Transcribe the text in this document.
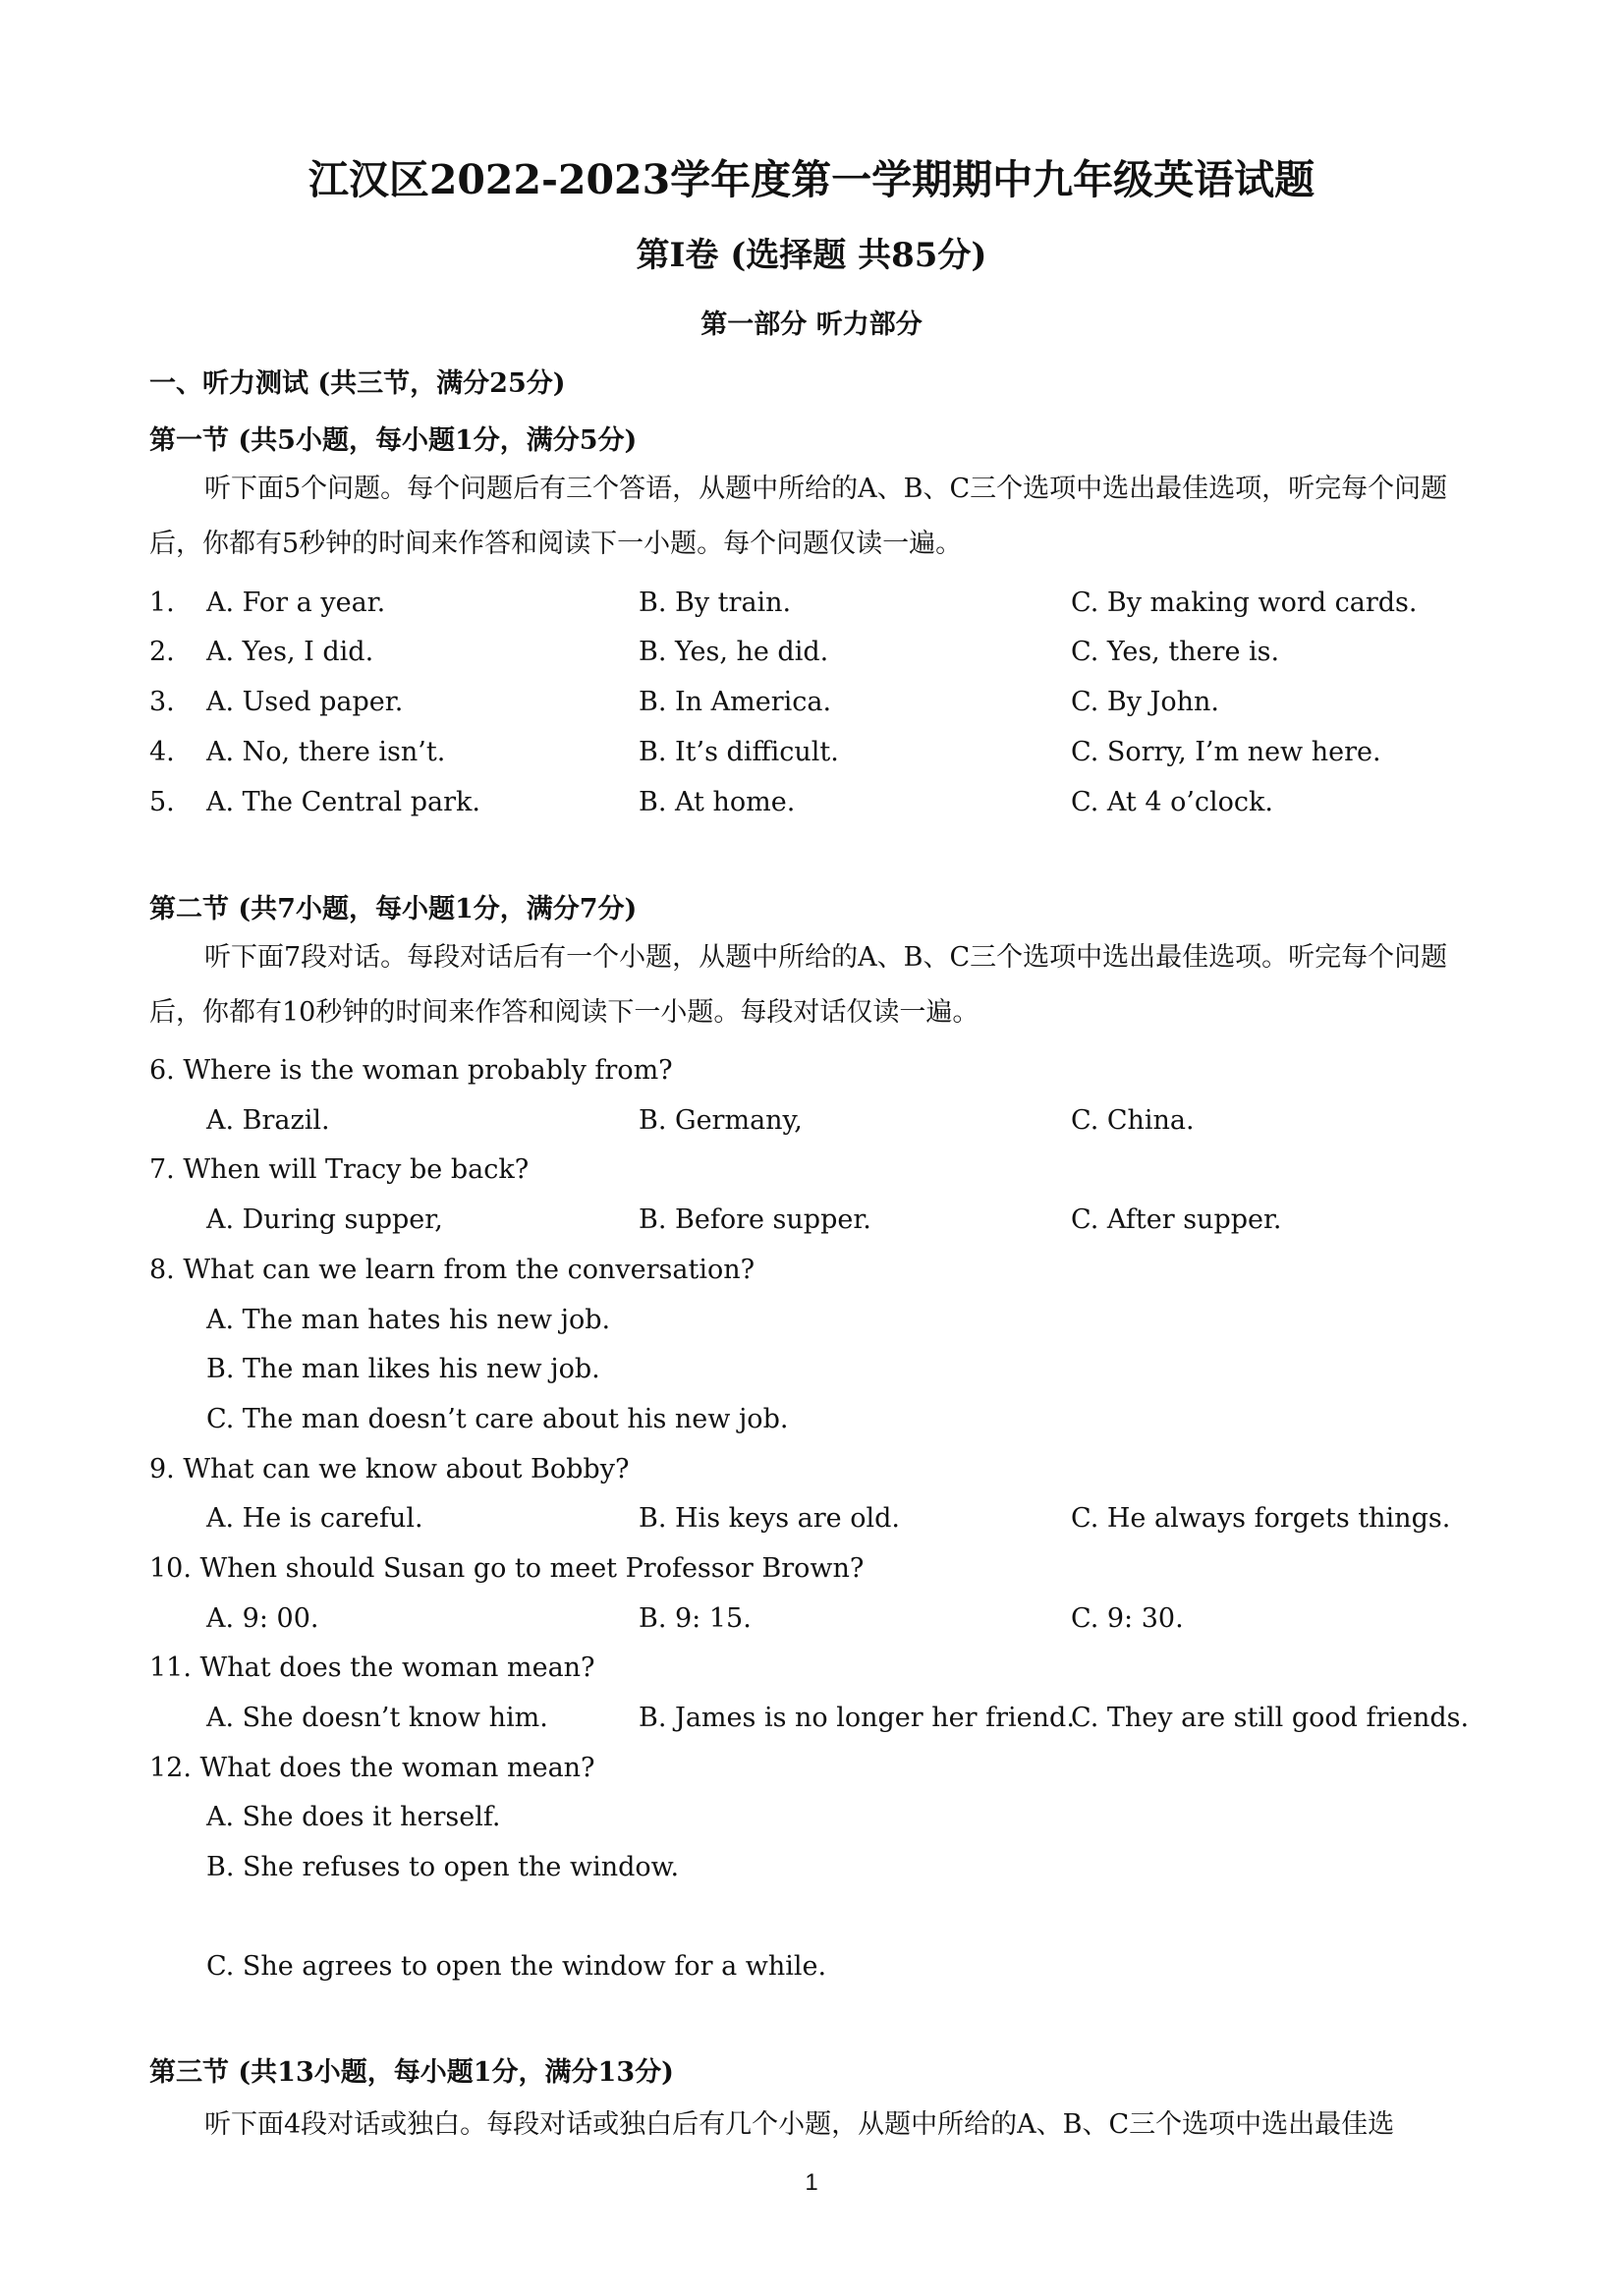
江汉区2022-2023学年度第一学期期中九年级英语试题
第I卷 (选择题 共85分)
第一部分 听力部分
一、听力测试 (共三节，满分25分)
第一节 (共5小题，每小题1分，满分5分)
听下面5个问题。每个问题后有三个答语，从题中所给的A、B、C三个选项中选出最佳选项，听完每个问题后，你都有5秒钟的时间来作答和阅读下一小题。每个问题仅读一遍。
1. A. For a year.	B. By train.	C. By making word cards.
2. A. Yes, I did.	B. Yes, he did.	C. Yes, there is.
3. A. Used paper.	B. In America.	C. By John.
4. A. No, there isn’t.	B. It’s difficult.	C. Sorry, I’m new here.
5. A. The Central park.	B. At home.	C. At 4 o’clock.
第二节 (共7小题，每小题1分，满分7分)
听下面7段对话。每段对话后有一个小题，从题中所给的A、B、C三个选项中选出最佳选项。听完每个问题后，你都有10秒钟的时间来作答和阅读下一小题。每段对话仅读一遍。
6. Where is the woman probably from?
A. Brazil.	B. Germany,	C. China.
7. When will Tracy be back?
A. During supper,	B. Before supper.	C. After supper.
8. What can we learn from the conversation?
A. The man hates his new job.
B. The man likes his new job.
C. The man doesn’t care about his new job.
9. What can we know about Bobby?
A. He is careful.	B. His keys are old.	C. He always forgets things.
10. When should Susan go to meet Professor Brown?
A. 9: 00.	B. 9: 15.	C. 9: 30.
11. What does the woman mean?
A. She doesn’t know him.	B. James is no longer her friend.
C. They are still good friends.
12. What does the woman mean?
A. She does it herself.
B. She refuses to open the window.
C. She agrees to open the window for a while.
第三节 (共13小题，每小题1分，满分13分)
听下面4段对话或独白。每段对话或独白后有几个小题，从题中所给的A、B、C三个选项中选出最佳选
1
